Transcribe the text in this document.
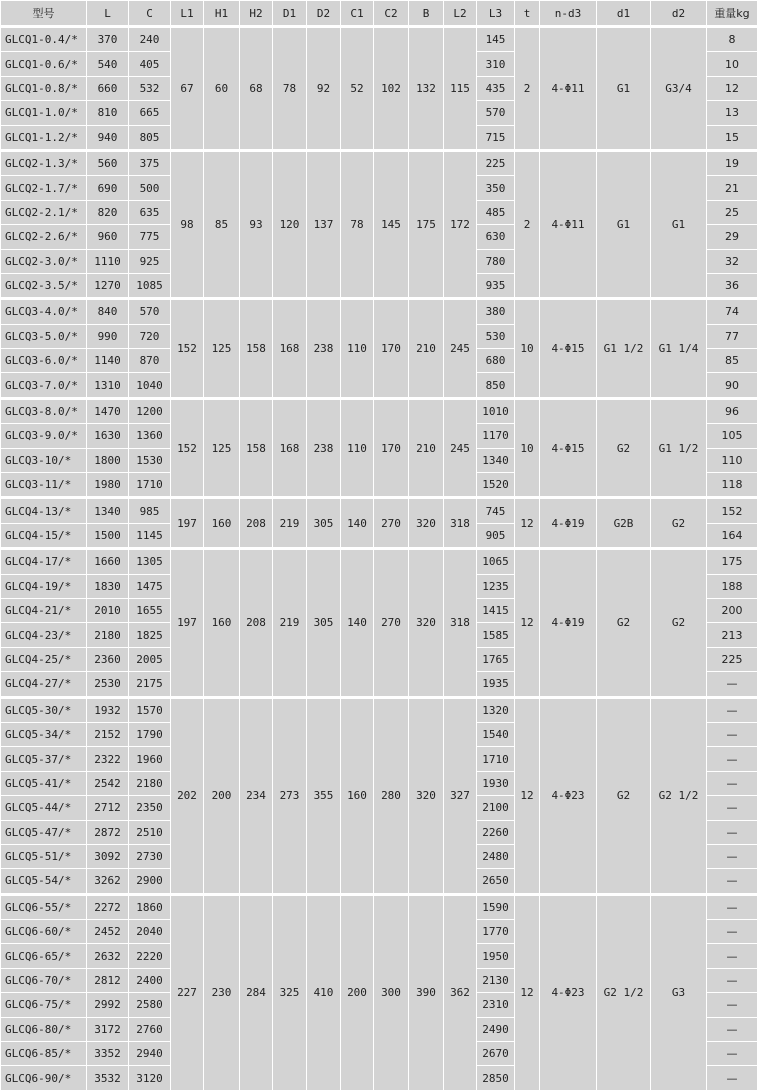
型号	L	C	L1	H1	H2	D1	D2	C1	C2	B	L2	L3	t	n-d3	d1	d2	重量kg
GLCQ1-0.4/*	370	240	67	60	68	78	92	52	102	132	115	145	2	4-Φ11	G1	G3/4	8
GLCQ1-0.6/*	540	405										310					10
GLCQ1-0.8/*	660	532										435					12
GLCQ1-1.0/*	810	665										570					13
GLCQ1-1.2/*	940	805										715					15
GLCQ2-1.3/*	560	375	98	85	93	120	137	78	145	175	172	225	2	4-Φ11	G1	G1	19
GLCQ2-1.7/*	690	500										350					21
GLCQ2-2.1/*	820	635										485					25
GLCQ2-2.6/*	960	775										630					29
GLCQ2-3.0/*	1110	925										780					32
GLCQ2-3.5/*	1270	1085										935					36
GLCQ3-4.0/*	840	570	152	125	158	168	238	110	170	210	245	380	10	4-Φ15	G1 1/2	G1 1/4	74
GLCQ3-5.0/*	990	720										530					77
GLCQ3-6.0/*	1140	870										680					85
GLCQ3-7.0/*	1310	1040										850					90
GLCQ3-8.0/*	1470	1200	152	125	158	168	238	110	170	210	245	1010	10	4-Φ15	G2	G1 1/2	96
GLCQ3-9.0/*	1630	1360										1170					105
GLCQ3-10/*	1800	1530										1340					110
GLCQ3-11/*	1980	1710										1520					118
GLCQ4-13/*	1340	985	197	160	208	219	305	140	270	320	318	745	12	4-Φ19	G2B	G2	152
GLCQ4-15/*	1500	1145										905					164
GLCQ4-17/*	1660	1305	197	160	208	219	305	140	270	320	318	1065	12	4-Φ19	G2	G2	175
GLCQ4-19/*	1830	1475										1235					188
GLCQ4-21/*	2010	1655										1415					200
GLCQ4-23/*	2180	1825										1585					213
GLCQ4-25/*	2360	2005										1765					225
GLCQ4-27/*	2530	2175										1935					—
GLCQ5-30/*	1932	1570	202	200	234	273	355	160	280	320	327	1320	12	4-Φ23	G2	G2 1/2	—
GLCQ5-34/*	2152	1790										1540					—
GLCQ5-37/*	2322	1960										1710					—
GLCQ5-41/*	2542	2180										1930					—
GLCQ5-44/*	2712	2350										2100					—
GLCQ5-47/*	2872	2510										2260					—
GLCQ5-51/*	3092	2730										2480					—
GLCQ5-54/*	3262	2900										2650					—
GLCQ6-55/*	2272	1860	227	230	284	325	410	200	300	390	362	1590	12	4-Φ23	G2 1/2	G3	—
GLCQ6-60/*	2452	2040										1770					—
GLCQ6-65/*	2632	2220										1950					—
GLCQ6-70/*	2812	2400										2130					—
GLCQ6-75/*	2992	2580										2310					—
GLCQ6-80/*	3172	2760										2490					—
GLCQ6-85/*	3352	2940										2670					—
GLCQ6-90/*	3532	3120										2850					—
